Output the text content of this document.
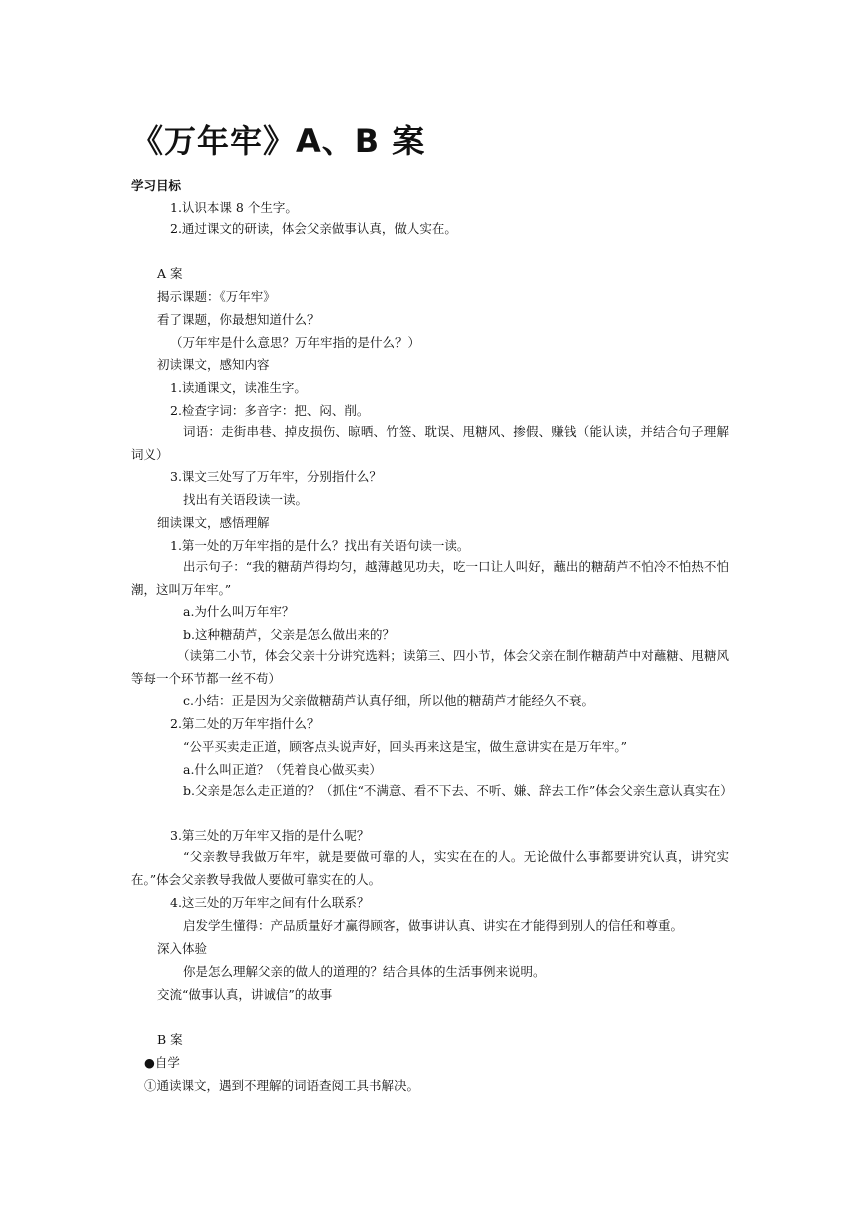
《万年牢》A、B 案
学习目标
1.认识本课 8 个生字。
2.通过课文的研读，体会父亲做事认真，做人实在。
A 案
揭示课题：《万年牢》
看了课题，你最想知道什么？
（万年牢是什么意思？万年牢指的是什么？）
初读课文，感知内容
1.读通课文，读准生字。
2.检查字词：多音字：把、闷、削。
词语：走街串巷、掉皮损伤、晾晒、竹签、耽误、甩糖风、掺假、赚钱（能认读，并结合句子理解词义）
3.课文三处写了万年牢，分别指什么？
找出有关语段读一读。
细读课文，感悟理解
1.第一处的万年牢指的是什么？找出有关语句读一读。
出示句子：“我的糖葫芦得均匀，越薄越见功夫，吃一口让人叫好，蘸出的糖葫芦不怕冷不怕热不怕潮，这叫万年牢。”
a.为什么叫万年牢？
b.这种糖葫芦，父亲是怎么做出来的？
（读第二小节，体会父亲十分讲究选料；读第三、四小节，体会父亲在制作糖葫芦中对蘸糖、甩糖风等每一个环节都一丝不苟）
c.小结：正是因为父亲做糖葫芦认真仔细，所以他的糖葫芦才能经久不衰。
2.第二处的万年牢指什么？
“公平买卖走正道，顾客点头说声好，回头再来这是宝，做生意讲实在是万年牢。”
a.什么叫正道？（凭着良心做买卖）
b.父亲是怎么走正道的？（抓住“不满意、看不下去、不听、嫌、辞去工作”体会父亲生意认真实在）
3.第三处的万年牢又指的是什么呢？
“父亲教导我做万年牢，就是要做可靠的人，实实在在的人。无论做什么事都要讲究认真，讲究实在。”体会父亲教导我做人要做可靠实在的人。
4.这三处的万年牢之间有什么联系？
启发学生懂得：产品质量好才赢得顾客，做事讲认真、讲实在才能得到别人的信任和尊重。
深入体验
你是怎么理解父亲的做人的道理的？结合具体的生活事例来说明。
交流“做事认真，讲诚信”的故事
B 案
●自学
①通读课文，遇到不理解的词语查阅工具书解决。
